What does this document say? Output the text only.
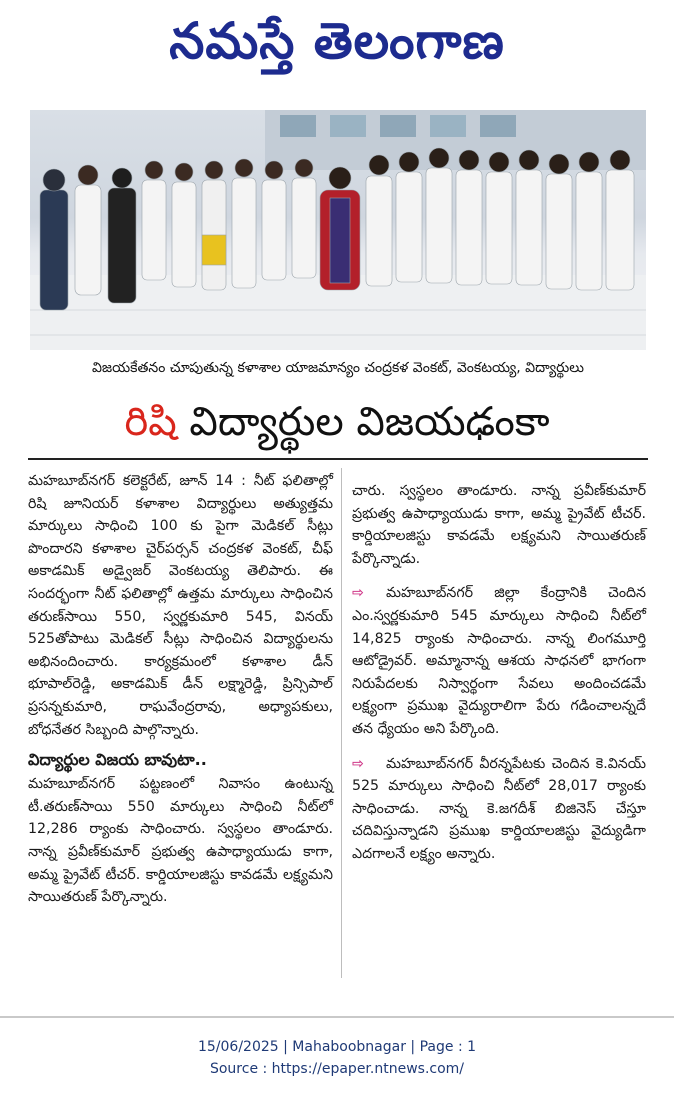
నమస్తే తెలంగాణ
విజయకేతనం చూపుతున్న కళాశాల యాజమాన్యం చంద్రకళ వెంకట్, వెంకటయ్య, విద్యార్థులు
రిషి విద్యార్థుల విజయఢంకా

మహబూబ్‌నగర్ కలెక్టరేట్, జూన్ 14 : నీట్ ఫలితాల్లో రిషి జూనియర్ కళాశాల విద్యార్థులు అత్యుత్తమ మార్కులు సాధించి 100 కు పైగా మెడికల్ సీట్లు పొందారని కళాశాల చైర్‌పర్సన్ చంద్రకళ వెంకట్, చీఫ్ అకాడమిక్ అడ్వైజర్ వెంకటయ్య తెలిపారు. ఈ సందర్భంగా నీట్ ఫలితాల్లో ఉత్తమ మార్కులు సాధించిన తరుణ్‌సాయి 550, స్వర్ణకుమారి 545, వినయ్ 525తోపాటు మెడికల్ సీట్లు సాధించిన విద్యార్థులను అభినందించారు. కార్యక్రమంలో కళాశాల డీన్ భూపాల్‌రెడ్డి, అకాడమిక్ డీన్ లక్ష్మారెడ్డి, ప్రిన్సిపాల్ ప్రసన్నకుమారి, రాఘవేంద్రరావు, అధ్యాపకులు, బోధనేతర సిబ్బంది పాల్గొన్నారు.

విద్యార్థుల విజయ బావుటా..

మహబూబ్‌నగర్ పట్టణంలో నివాసం ఉంటున్న టీ.తరుణ్‌సాయి 550 మార్కులు సాధించి నీట్‌లో 12,286 ర్యాంకు సాధించారు. స్వస్థలం తాండూరు. నాన్న ప్రవీణ్‌కుమార్ ప్రభుత్వ ఉపాధ్యాయుడు కాగా, అమ్మ ప్రైవేట్ టీచర్. కార్డియాలజిస్టు కావడమే లక్ష్యమని సాయితరుణ్ పేర్కొన్నారు.

చారు. స్వస్థలం తాండూరు. నాన్న ప్రవీణ్‌కుమార్ ప్రభుత్వ ఉపాధ్యాయుడు కాగా, అమ్మ ప్రైవేట్ టీచర్. కార్డియాలజిస్టు కావడమే లక్ష్యమని సాయితరుణ్ పేర్కొన్నాడు.

⇨ మహబూబ్‌నగర్ జిల్లా కేంద్రానికి చెందిన ఎం.స్వర్ణకుమారి 545 మార్కులు సాధించి నీట్‌లో 14,825 ర్యాంకు సాధించారు. నాన్న లింగమూర్తి ఆటోడ్రైవర్. అమ్మానాన్న ఆశయ సాధనలో భాగంగా నిరుపేదలకు నిస్వార్థంగా సేవలు అందించడమే లక్ష్యంగా ప్రముఖ వైద్యురాలిగా పేరు గడించాలన్నదే తన ధ్యేయం అని పేర్కొంది.

⇨ మహబూబ్‌నగర్ వీరన్నపేటకు చెందిన కె.వినయ్ 525 మార్కులు సాధించి నీట్‌లో 28,017 ర్యాంకు సాధించాడు. నాన్న కె.జగదీశ్ బిజినెస్ చేస్తూ చదివిస్తున్నాడని ప్రముఖ కార్డియాలజిస్టు వైద్యుడిగా ఎదగాలనే లక్ష్యం అన్నారు.

15/06/2025 | Mahaboobnagar | Page : 1
Source : https://epaper.ntnews.com/
